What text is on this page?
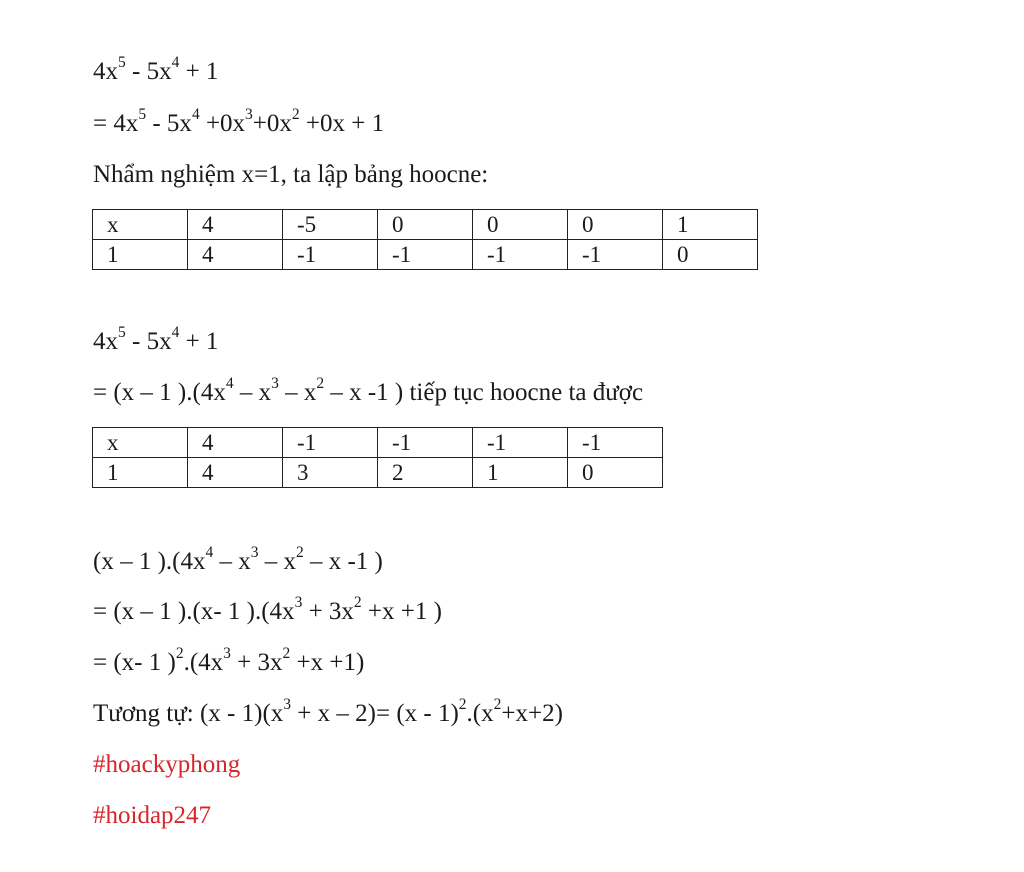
$4x^5 - 5x^4 + 1$
= $4x^5 - 5x^4 +0x^3+0x^2 +0x + 1$
Nhẩm nghiệm x=1, ta lập bảng hoocne:
x	4	-5	0	0	0	1
1	4	-1	-1	-1	-1	0
$4x^5 - 5x^4 + 1$
= (x – 1 )$.(4x^4 - x^3 - x^2$ – x -1 ) tiếp tục hoocne ta được
x	4	-1	-1	-1	-1
1	4	3	2	1	0
(x – 1 )$.(4x^4 - x^3 - x^2$ – x -1 )
= (x – 1 ).(x- 1 )$.(4x^3 + 3x^2 +x +1$ )
= (x- 1 )$^2.(4x^3 + 3x^2 +x +1)$
Tương tự: $(x - 1)(x^3 + x - 2)= (x - 1)^2.(x^2+x+2)$
#hoackyphong
#hoidap247
